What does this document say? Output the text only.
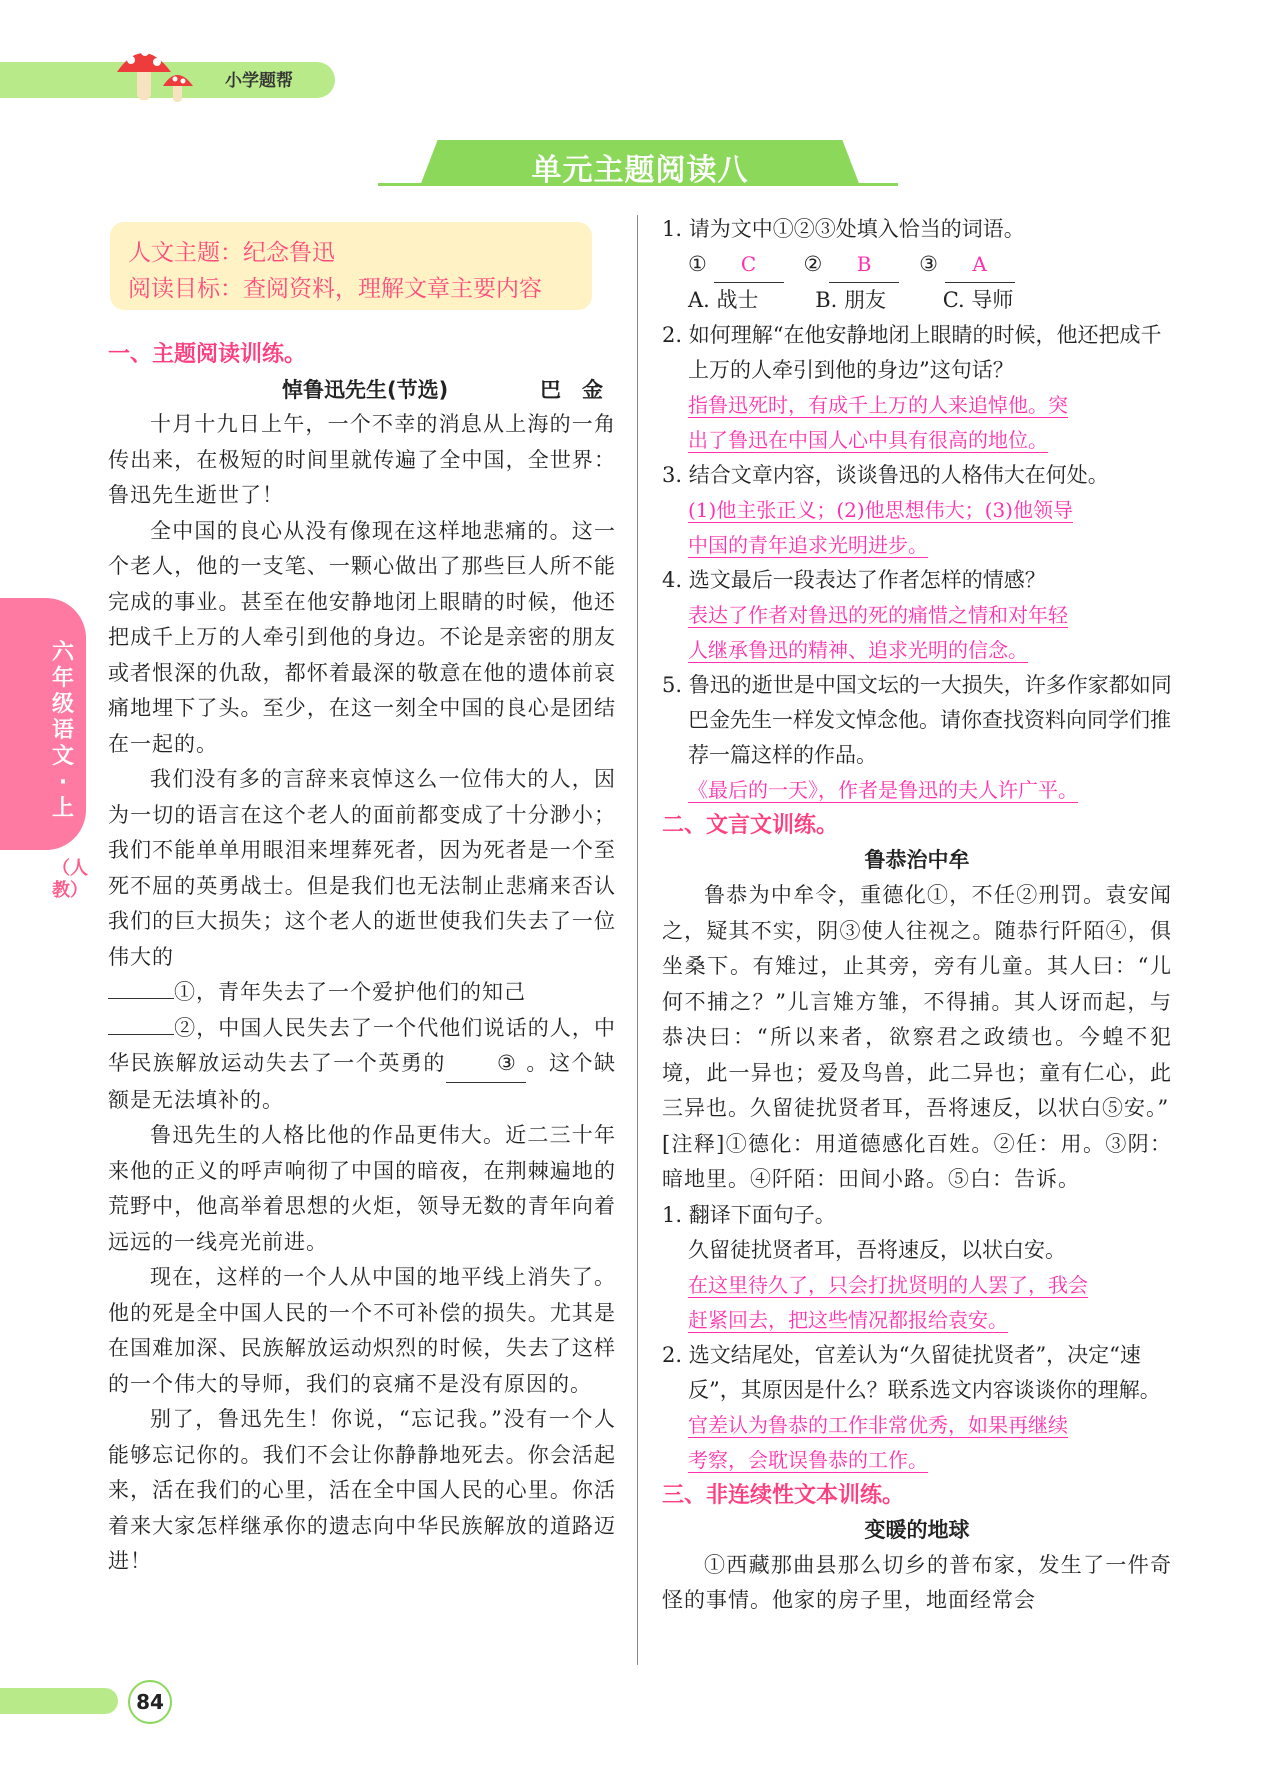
小学题帮
单元主题阅读八
六年级语文·上
（人教）
人文主题：纪念鲁迅
阅读目标：查阅资料，理解文章主要内容
一、主题阅读训练。
悼鲁迅先生(节选)	巴　金
十月十九日上午，一个不幸的消息从上海的一角传出来，在极短的时间里就传遍了全中国，全世界：鲁迅先生逝世了！
全中国的良心从没有像现在这样地悲痛的。这一个老人，他的一支笔、一颗心做出了那些巨人所不能完成的事业。甚至在他安静地闭上眼睛的时候，他还把成千上万的人牵引到他的身边。不论是亲密的朋友或者恨深的仇敌，都怀着最深的敬意在他的遗体前哀痛地埋下了头。至少，在这一刻全中国的良心是团结在一起的。
我们没有多的言辞来哀悼这么一位伟大的人，因为一切的语言在这个老人的面前都变成了十分渺小；我们不能单单用眼泪来埋葬死者，因为死者是一个至死不屈的英勇战士。但是我们也无法制止悲痛来否认我们的巨大损失；这个老人的逝世使我们失去了一位伟大的
①，青年失去了一个爱护他们的知己
②，中国人民失去了一个代他们说话的人，中华民族解放运动失去了一个英勇的 ③ 。这个缺额是无法填补的。
鲁迅先生的人格比他的作品更伟大。近二三十年来他的正义的呼声响彻了中国的暗夜，在荆棘遍地的荒野中，他高举着思想的火炬，领导无数的青年向着远远的一线亮光前进。
现在，这样的一个人从中国的地平线上消失了。他的死是全中国人民的一个不可补偿的损失。尤其是在国难加深、民族解放运动炽烈的时候，失去了这样的一个伟大的导师，我们的哀痛不是没有原因的。
别了，鲁迅先生！你说，“忘记我。”没有一个人能够忘记你的。我们不会让你静静地死去。你会活起来，活在我们的心里，活在全中国人民的心里。你活着来大家怎样继承你的遗志向中华民族解放的道路迈进！
1. 请为文中①②③处填入恰当的词语。
① C ② B ③ A
A. 战士	B. 朋友	C. 导师
2. 如何理解“在他安静地闭上眼睛的时候，他还把成千上万的人牵引到他的身边”这句话？
指鲁迅死时，有成千上万的人来追悼他。突
出了鲁迅在中国人心中具有很高的地位。
3. 结合文章内容，谈谈鲁迅的人格伟大在何处。
(1)他主张正义；(2)他思想伟大；(3)他领导
中国的青年追求光明进步。
4. 选文最后一段表达了作者怎样的情感？
表达了作者对鲁迅的死的痛惜之情和对年轻
人继承鲁迅的精神、追求光明的信念。
5. 鲁迅的逝世是中国文坛的一大损失，许多作家都如同巴金先生一样发文悼念他。请你查找资料向同学们推荐一篇这样的作品。
《最后的一天》，作者是鲁迅的夫人许广平。
二、文言文训练。
鲁恭治中牟
鲁恭为中牟令，重德化①，不任②刑罚。袁安闻之，疑其不实，阴③使人往视之。随恭行阡陌④，俱坐桑下。有雉过，止其旁，旁有儿童。其人曰：“儿何不捕之？”儿言雉方雏，不得捕。其人讶而起，与恭决曰：“所以来者，欲察君之政绩也。今蝗不犯境，此一异也；爱及鸟兽，此二异也；童有仁心，此三异也。久留徒扰贤者耳，吾将速反，以状白⑤安。”
[注释]①德化：用道德感化百姓。②任：用。③阴：暗地里。④阡陌：田间小路。⑤白：告诉。
1. 翻译下面句子。
久留徒扰贤者耳，吾将速反，以状白安。
在这里待久了，只会打扰贤明的人罢了，我会
赶紧回去，把这些情况都报给袁安。
2. 选文结尾处，官差认为“久留徒扰贤者”，决定“速反”，其原因是什么？联系选文内容谈谈你的理解。
官差认为鲁恭的工作非常优秀，如果再继续
考察，会耽误鲁恭的工作。
三、非连续性文本训练。
变暖的地球
①西藏那曲县那么切乡的普布家，发生了一件奇怪的事情。他家的房子里，地面经常会
84
